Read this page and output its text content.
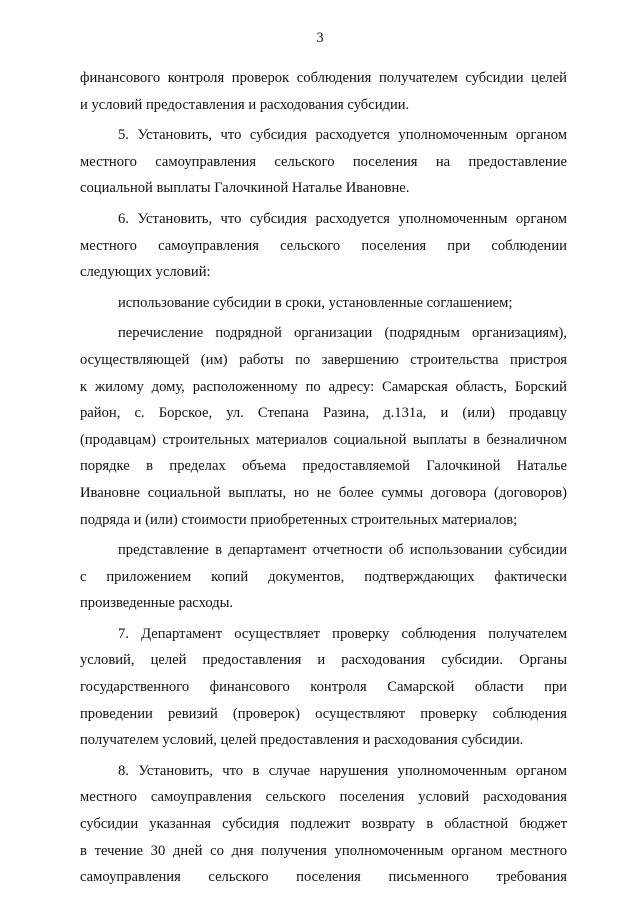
3
финансового контроля проверок соблюдения получателем субсидии целей
и условий предоставления и расходования субсидии.
5. Установить, что субсидия расходуется уполномоченным органом
местного самоуправления сельского поселения на предоставление
социальной выплаты Галочкиной Наталье Ивановне.
6. Установить, что субсидия расходуется уполномоченным органом
местного самоуправления сельского поселения при соблюдении
следующих условий:
использование субсидии в сроки, установленные соглашением;
перечисление подрядной организации (подрядным организациям),
осуществляющей (им) работы по завершению строительства пристроя
к жилому дому, расположенному по адресу: Самарская область, Борский
район, с. Борское, ул. Степана Разина, д.131а, и (или) продавцу
(продавцам) строительных материалов социальной выплаты в безналичном
порядке в пределах объема предоставляемой Галочкиной Наталье
Ивановне социальной выплаты, но не более суммы договора (договоров)
подряда и (или) стоимости приобретенных строительных материалов;
представление в департамент отчетности об использовании субсидии
с приложением копий документов, подтверждающих фактически
произведенные расходы.
7. Департамент осуществляет проверку соблюдения получателем
условий, целей предоставления и расходования субсидии. Органы
государственного финансового контроля Самарской области при
проведении ревизий (проверок) осуществляют проверку соблюдения
получателем условий, целей предоставления и расходования субсидии.
8. Установить, что в случае нарушения уполномоченным органом
местного самоуправления сельского поселения условий расходования
субсидии указанная субсидия подлежит возврату в областной бюджет
в течение 30 дней со дня получения уполномоченным органом местного
самоуправления сельского поселения письменного требования
